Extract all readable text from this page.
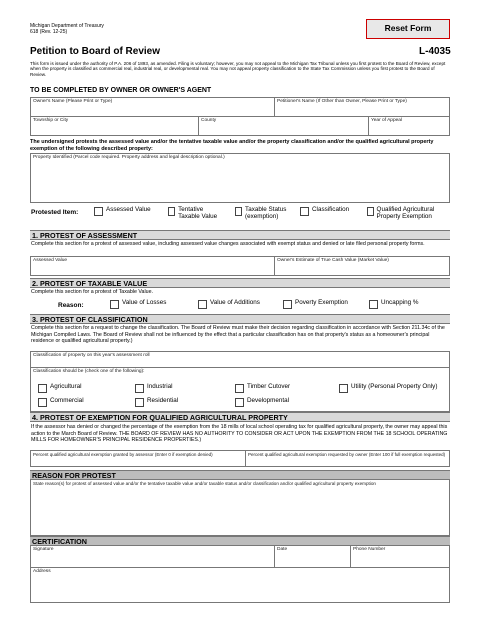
Michigan Department of Treasury
618 (Rev. 12-25)	Reset Form
Petition to Board of Review	L-4035
This form is issued under the authority of P.A. 206 of 1893, as amended. Filing is voluntary; however, you may not appeal to the Michigan Tax Tribunal unless you first protest to the Board of Review, except when the property is classified as commercial real, industrial real, or developmental real. You may not appeal property classification to the State Tax Commission unless you first protest to the Board of Review.
TO BE COMPLETED BY OWNER OR OWNER'S AGENT
Owner's Name (Please Print or Type)	Petitioner's Name (If Other than Owner, Please Print or Type)
Township or City	County	Year of Appeal
The undersigned protests the assessed value and/or the tentative taxable value and/or the property classification and/or the qualified agricultural property exemption of the following described property:
Property Identified (Parcel code required. Property address and legal description optional.)
Protested Item:	Assessed Value	Tentative Taxable Value
Taxable Status (exemption)
Classification	Qualified Agricultural Property Exemption
1. PROTEST OF ASSESSMENT
Complete this section for a protest of assessed value, including assessed value changes associated with exempt status and denied or late filed personal property forms.
Assessed Value	Owner's Estimate of True Cash Value (Market Value)
2. PROTEST OF TAXABLE VALUE
Complete this section for a protest of Taxable Value.
Reason:	Value of Losses	Value of Additions	Poverty Exemption	Uncapping %
3. PROTEST OF CLASSIFICATION
Complete this section for a request to change the classification. The Board of Review must make their decision regarding classification in accordance with Section 211.34c of the Michigan Compiled Laws. The Board of Review shall not be influenced by the effect that a particular classification has on that property's status as a homeowner's principal residence or qualified agricultural property.)
Classification of property on this year's assessment roll
Classification should be (check one of the following):
Agricultural	Industrial	Timber Cutover	Utility (Personal Property Only)
Commercial	Residential	Developmental
4. PROTEST OF EXEMPTION FOR QUALIFIED AGRICULTURAL PROPERTY
If the assessor has denied or changed the percentage of the exemption from the 18 mills of local school operating tax for qualified agricultural property, the owner may appeal this action to the March Board of Review. THE BOARD OF REVIEW HAS NO AUTHORITY TO CONSIDER OR ACT UPON THE EXEMPTION FROM THE 18 SCHOOL OPERATING MILLS FOR HOMEOWNER'S PRINCIPAL RESIDENCE PROPERTIES.)
Percent qualified agricultural exemption granted by assessor (Enter 0 if exemption denied)	Percent qualified agricultural exemption requested by owner (Enter 100 if full exemption requested)
REASON FOR PROTEST
State reason(s) for protest of assessed value and/or the tentative taxable value and/or taxable status and/or classification and/or qualified agricultural property exemption
CERTIFICATION
Signature	Date	Phone Number
Address
